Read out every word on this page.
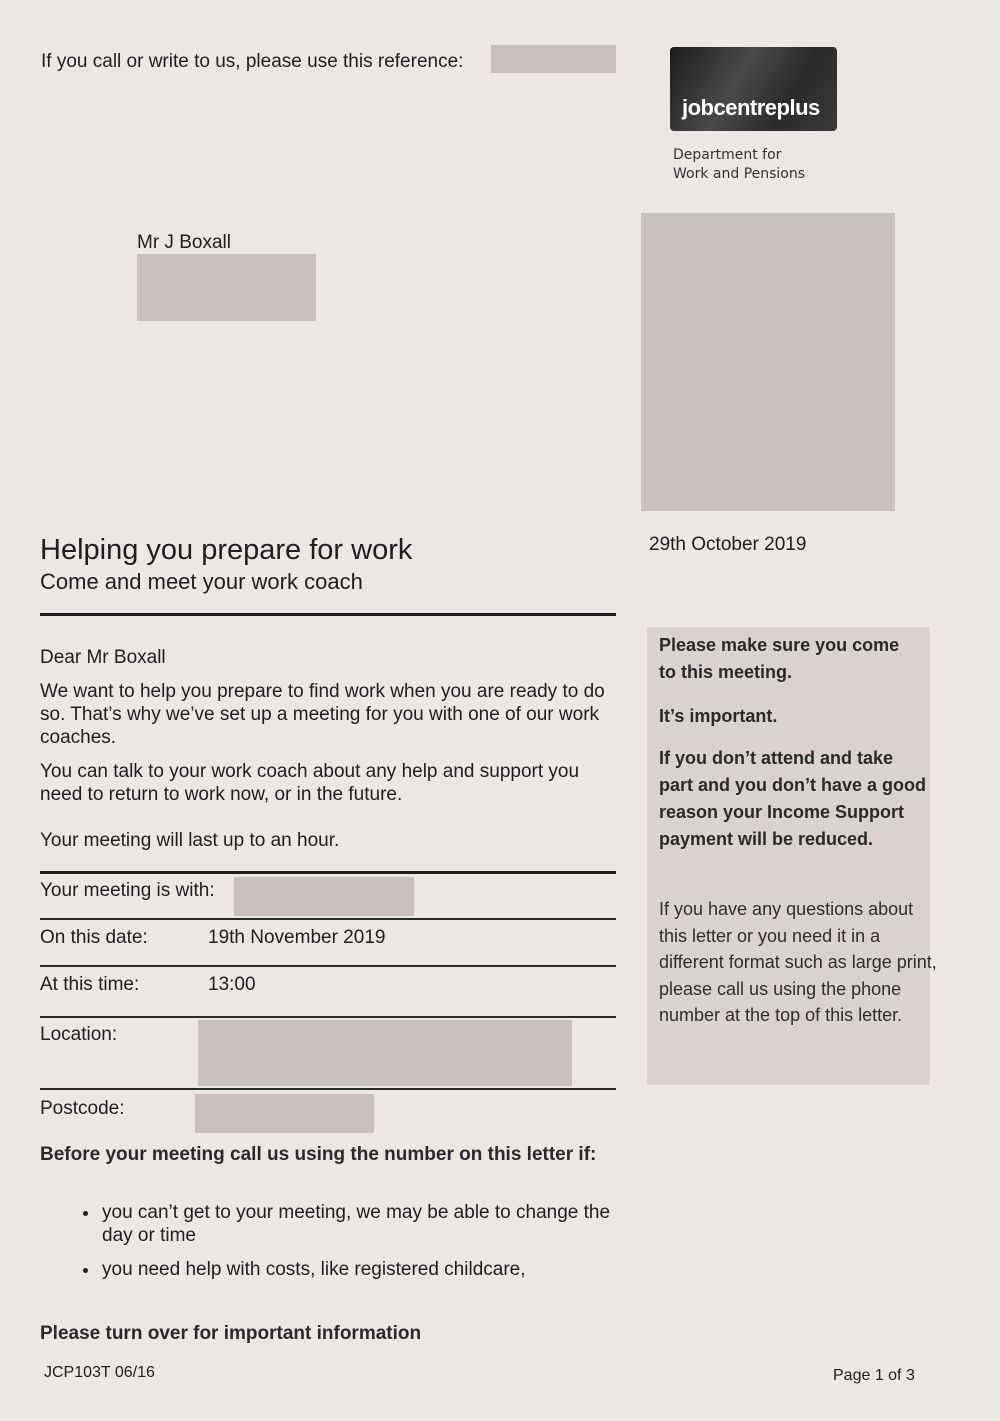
If you call or write to us, please use this reference:
jobcentreplus
Department for
Work and Pensions
Mr J Boxall
29th October 2019
Helping you prepare for work
Come and meet your work coach
Dear Mr Boxall
We want to help you prepare to find work when you are ready to do so. That’s why we’ve set up a meeting for you with one of our work coaches.
You can talk to your work coach about any help and support you need to return to work now, or in the future.
Your meeting will last up to an hour.
Your meeting is with:
On this date:	19th November 2019
At this time:	13:00
Location:
Postcode:
Before your meeting call us using the number on this letter if:
• you can’t get to your meeting, we may be able to change the day or time
• you need help with costs, like registered childcare,
Please make sure you come to this meeting.
It’s important.
If you don’t attend and take part and you don’t have a good reason your Income Support payment will be reduced.
If you have any questions about this letter or you need it in a different format such as large print, please call us using the phone number at the top of this letter.
Please turn over for important information
JCP103T 06/16	Page 1 of 3
